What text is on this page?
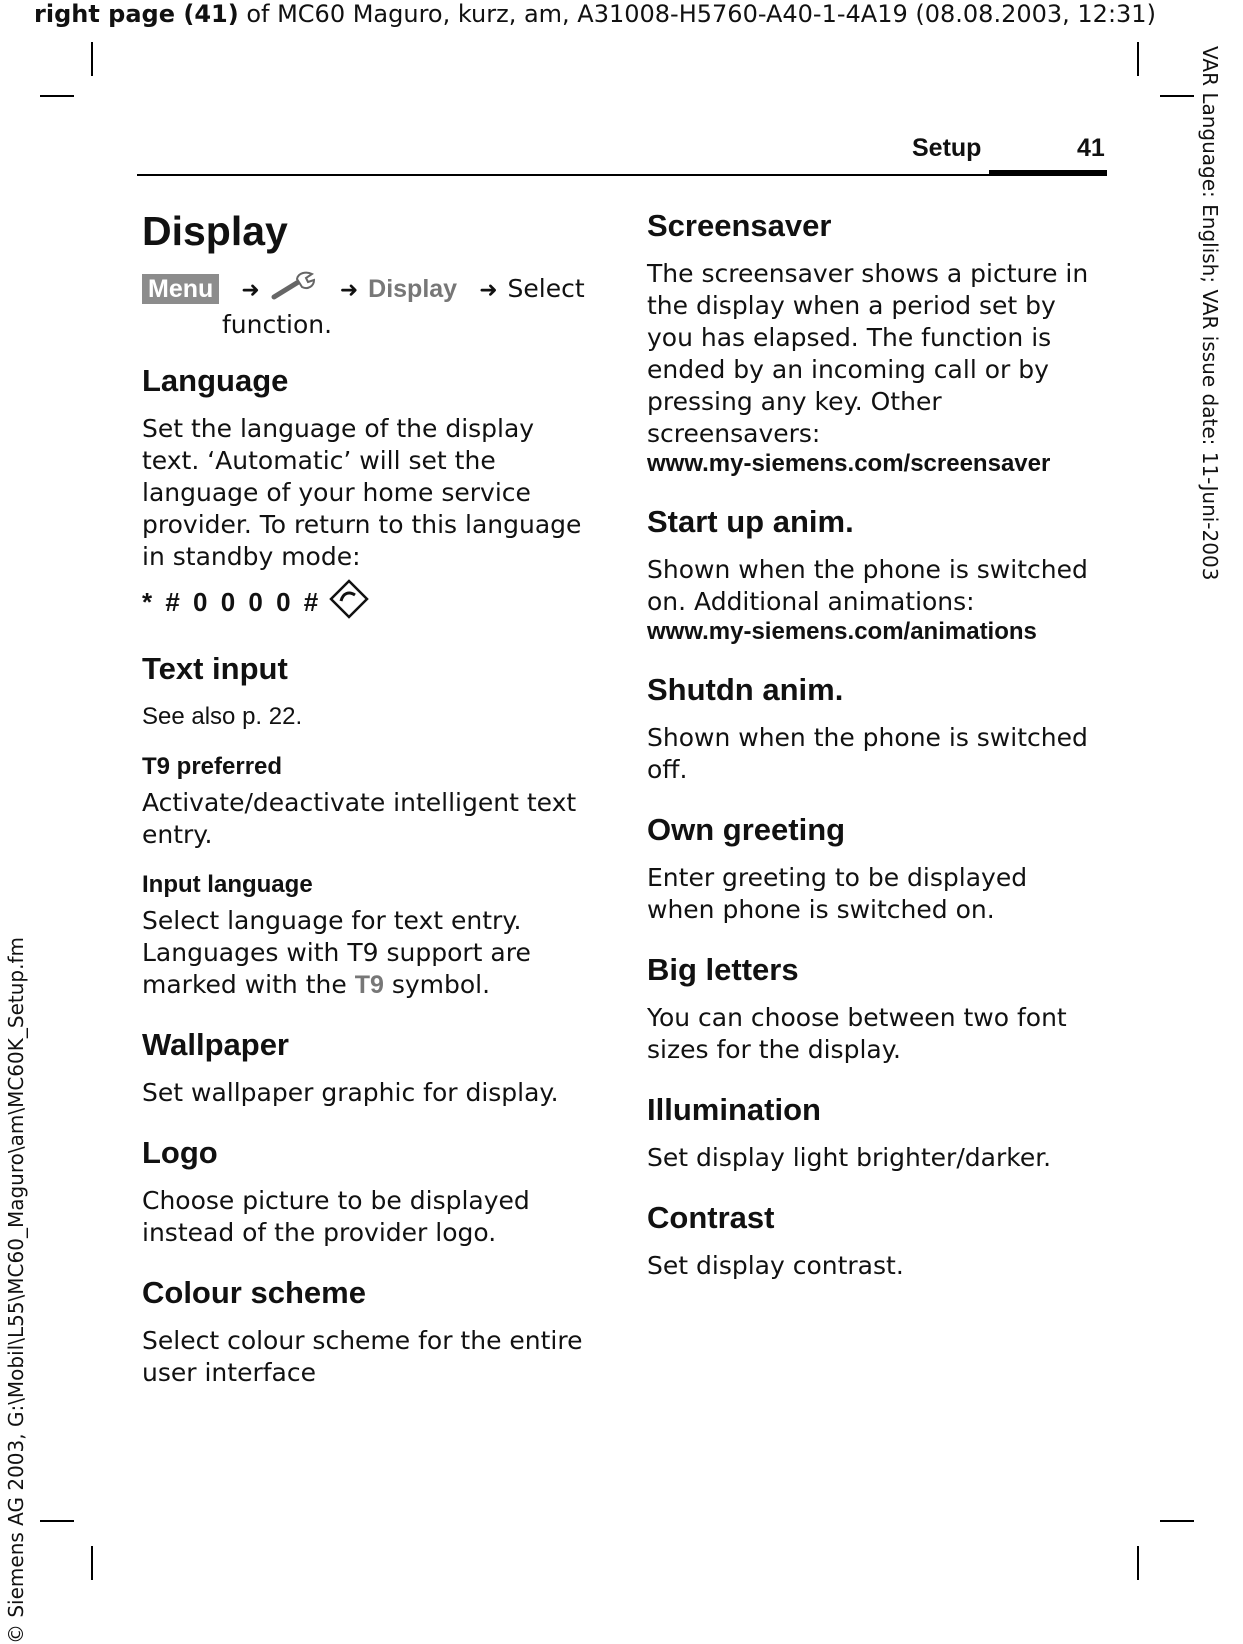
right page (41) of MC60 Maguro, kurz, am, A31008-H5760-A40-1-4A19 (08.08.2003, 12:31)
VAR Language: English; VAR issue date: 11-Juni-2003
© Siemens AG 2003, G:\Mobil\L55\MC60_Maguro\am\MC60K_Setup.fm
Setup	41
Display
Menu ➜	➜ Display ➜ Select
function.
Language

Set the language of the display text. ‘Automatic’ will set the language of your home service provider. To return to this language in standby mode:

* # 0 0 0 0 #
Text input

See also p. 22.

T9 preferred

Activate/deactivate intelligent text entry.

Input language

Select language for text entry. Languages with T9 support are marked with the T9 symbol.

Wallpaper

Set wallpaper graphic for display.

Logo

Choose picture to be displayed instead of the provider logo.

Colour scheme

Select colour scheme for the entire user interface

Screensaver

The screensaver shows a picture in the display when a period set by you has elapsed. The function is ended by an incoming call or by pressing any key. Other screensavers:

www.my-siemens.com/screensaver
Start up anim.

Shown when the phone is switched on. Additional animations:

www.my-siemens.com/animations
Shutdn anim.

Shown when the phone is switched off.

Own greeting

Enter greeting to be displayed when phone is switched on.

Big letters

You can choose between two font sizes for the display.

Illumination

Set display light brighter/darker.

Contrast

Set display contrast.
